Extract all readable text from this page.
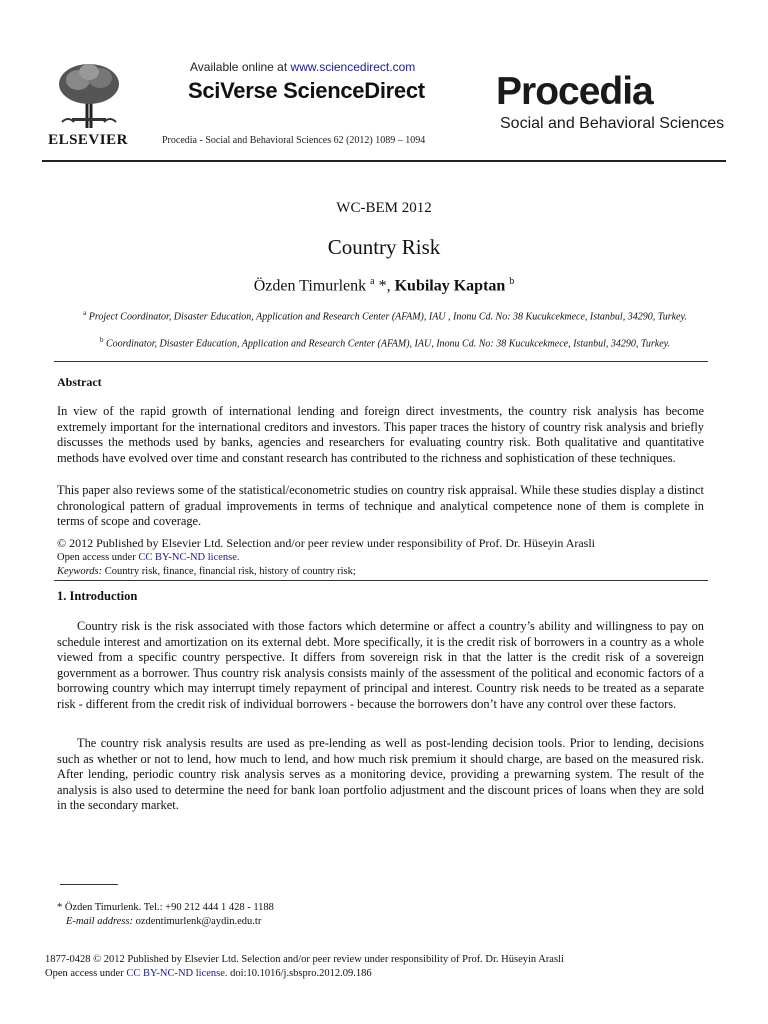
ELSEVIER
Available online at www.sciencedirect.com
SciVerse ScienceDirect
Procedia - Social and Behavioral Sciences 62 (2012) 1089 – 1094
Procedia
Social and Behavioral Sciences
WC-BEM 2012
Country Risk
Özden Timurlenk $^a$ *, Kubilay Kaptan $^b$
$^a$ Project Coordinator, Disaster Education, Application and Research Center (AFAM), IAU , Inonu Cd. No: 38 Kucukcekmece, Istanbul, 34290, Turkey.
$^b$ Coordinator, Disaster Education, Application and Research Center (AFAM), IAU, Inonu Cd. No: 38 Kucukcekmece, Istanbul, 34290, Turkey.
Abstract
In view of the rapid growth of international lending and foreign direct investments, the country risk analysis has become extremely important for the international creditors and investors. This paper traces the history of country risk analysis and briefly discusses the methods used by banks, agencies and researchers for evaluating country risk. Both qualitative and quantitative methods have evolved over time and constant research has contributed to the richness and sophistication of these techniques.
This paper also reviews some of the statistical/econometric studies on country risk appraisal. While these studies display a distinct chronological pattern of gradual improvements in terms of technique and analytical competence none of them is complete in terms of scope and coverage.
© 2012 Published by Elsevier Ltd. Selection and/or peer review under responsibility of Prof. Dr. Hüseyin Arasli
Open access under CC BY-NC-ND license.
Keywords: Country risk, finance, financial risk, history of country risk;
1. Introduction
Country risk is the risk associated with those factors which determine or affect a country’s ability and willingness to pay on schedule interest and amortization on its external debt. More specifically, it is the credit risk of borrowers in a country as a whole viewed from a specific country perspective. It differs from sovereign risk in that the latter is the credit risk of a sovereign government as a borrower. Thus country risk analysis consists mainly of the assessment of the political and economic factors of a borrowing country which may interrupt timely repayment of principal and interest. Country risk needs to be treated as a separate risk - different from the credit risk of individual borrowers - because the borrowers don’t have any control over these factors.
The country risk analysis results are used as pre-lending as well as post-lending decision tools. Prior to lending, decisions such as whether or not to lend, how much to lend, and how much risk premium it should charge, are based on the measured risk. After lending, periodic country risk analysis serves as a monitoring device, providing a prewarning system. The result of the analysis is also used to determine the need for bank loan portfolio adjustment and the discount prices of loans when they are sold in the secondary market.
* Özden Timurlenk. Tel.: +90 212 444 1 428 - 1188
E-mail address: ozdentimurlenk@aydin.edu.tr
1877-0428 © 2012 Published by Elsevier Ltd. Selection and/or peer review under responsibility of Prof. Dr. Hüseyin Arasli
Open access under CC BY-NC-ND license. doi:10.1016/j.sbspro.2012.09.186
